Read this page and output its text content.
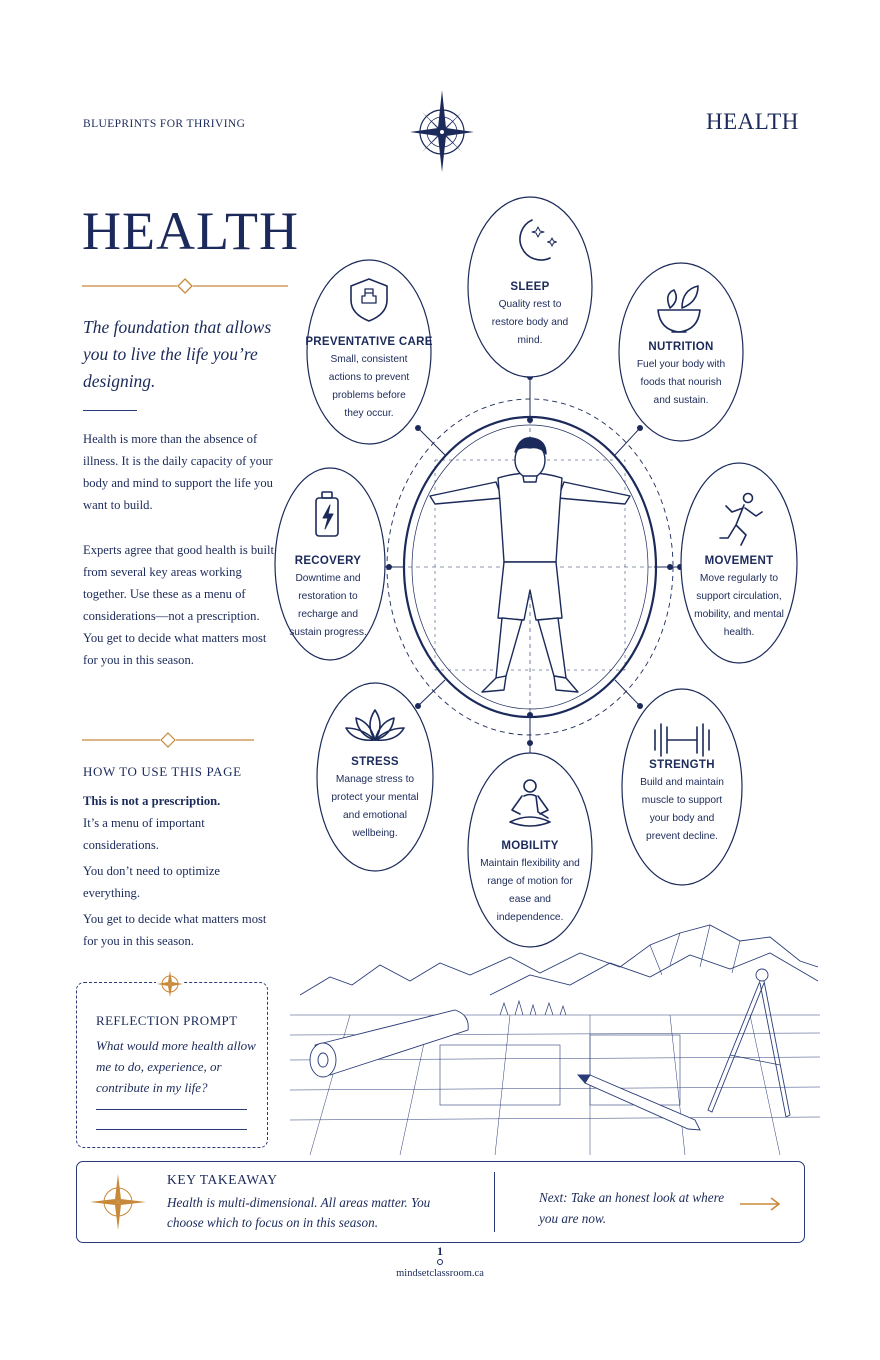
BLUEPRINTS FOR THRIVING	HEALTH
HEALTH
The foundation that allows you to live the life you’re designing.
Health is more than the absence of illness. It is the daily capacity of your body and mind to support the life you want to build.
Experts agree that good health is built from several key areas working together. Use these as a menu of considerations—not a prescription. You get to decide what matters most for you in this season.
HOW TO USE THIS PAGE
This is not a prescription.
It’s a menu of important considerations.
You don’t need to optimize everything.
You get to decide what matters most for you in this season.
REFLECTION PROMPT
What would more health allow me to do, experience, or contribute in my life?
SLEEP
Quality rest to restore body and mind.
NUTRITION
Fuel your body with foods that nourish and sustain.
MOVEMENT
Move regularly to support circulation, mobility, and mental health.
STRENGTH
Build and maintain muscle to support your body and prevent decline.
MOBILITY
Maintain flexibility and range of motion for ease and independence.
STRESS
Manage stress to protect your mental and emotional wellbeing.
RECOVERY
Downtime and restoration to recharge and sustain progress.
PREVENTATIVE CARE
Small, consistent actions to prevent problems before they occur.
KEY TAKEAWAY
Health is multi-dimensional. All areas matter. You choose which to focus on in this season.
Next: Take an honest look at where you are now.
1
mindsetclassroom.ca
